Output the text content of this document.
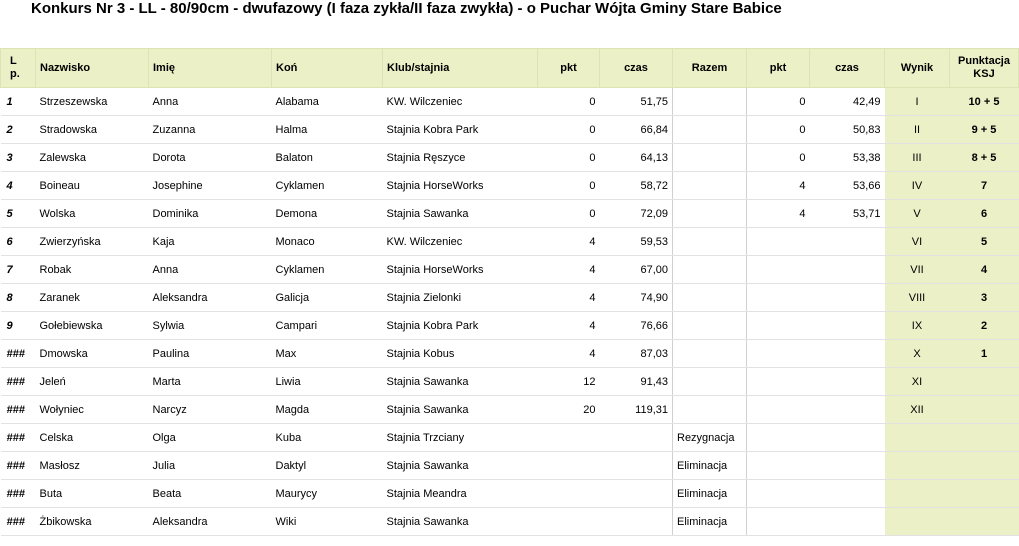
Konkurs Nr 3 - LL - 80/90cm - dwufazowy (I faza zykła/II faza zwykła) - o Puchar Wójta Gminy Stare Babice
L
p.	Nazwisko	Imię	Koń	Klub/stajnia	pkt	czas	Razem	pkt	czas	Wynik	Punktacja
KSJ
1	Strzeszewska	Anna	Alabama	KW. Wilczeniec	0	51,75		0	42,49	I	10 + 5
2	Stradowska	Zuzanna	Halma	Stajnia Kobra Park	0	66,84		0	50,83	II	9 + 5
3	Zalewska	Dorota	Balaton	Stajnia Ręszyce	0	64,13		0	53,38	III	8 + 5
4	Boineau	Josephine	Cyklamen	Stajnia HorseWorks	0	58,72		4	53,66	IV	7
5	Wolska	Dominika	Demona	Stajnia Sawanka	0	72,09		4	53,71	V	6
6	Zwierzyńska	Kaja	Monaco	KW. Wilczeniec	4	59,53				VI	5
7	Robak	Anna	Cyklamen	Stajnia HorseWorks	4	67,00				VII	4
8	Zaranek	Aleksandra	Galicja	Stajnia Zielonki	4	74,90				VIII	3
9	Gołebiewska	Sylwia	Campari	Stajnia Kobra Park	4	76,66				IX	2
###	Dmowska	Paulina	Max	Stajnia Kobus	4	87,03				X	1
###	Jeleń	Marta	Liwia	Stajnia Sawanka	12	91,43				XI	
###	Wołyniec	Narcyz	Magda	Stajnia Sawanka	20	119,31				XII	
###	Celska	Olga	Kuba	Stajnia Trzciany			Rezygnacja				
###	Masłosz	Julia	Daktyl	Stajnia Sawanka			Eliminacja				
###	Buta	Beata	Maurycy	Stajnia Meandra			Eliminacja				
###	Żbikowska	Aleksandra	Wiki	Stajnia Sawanka			Eliminacja				
